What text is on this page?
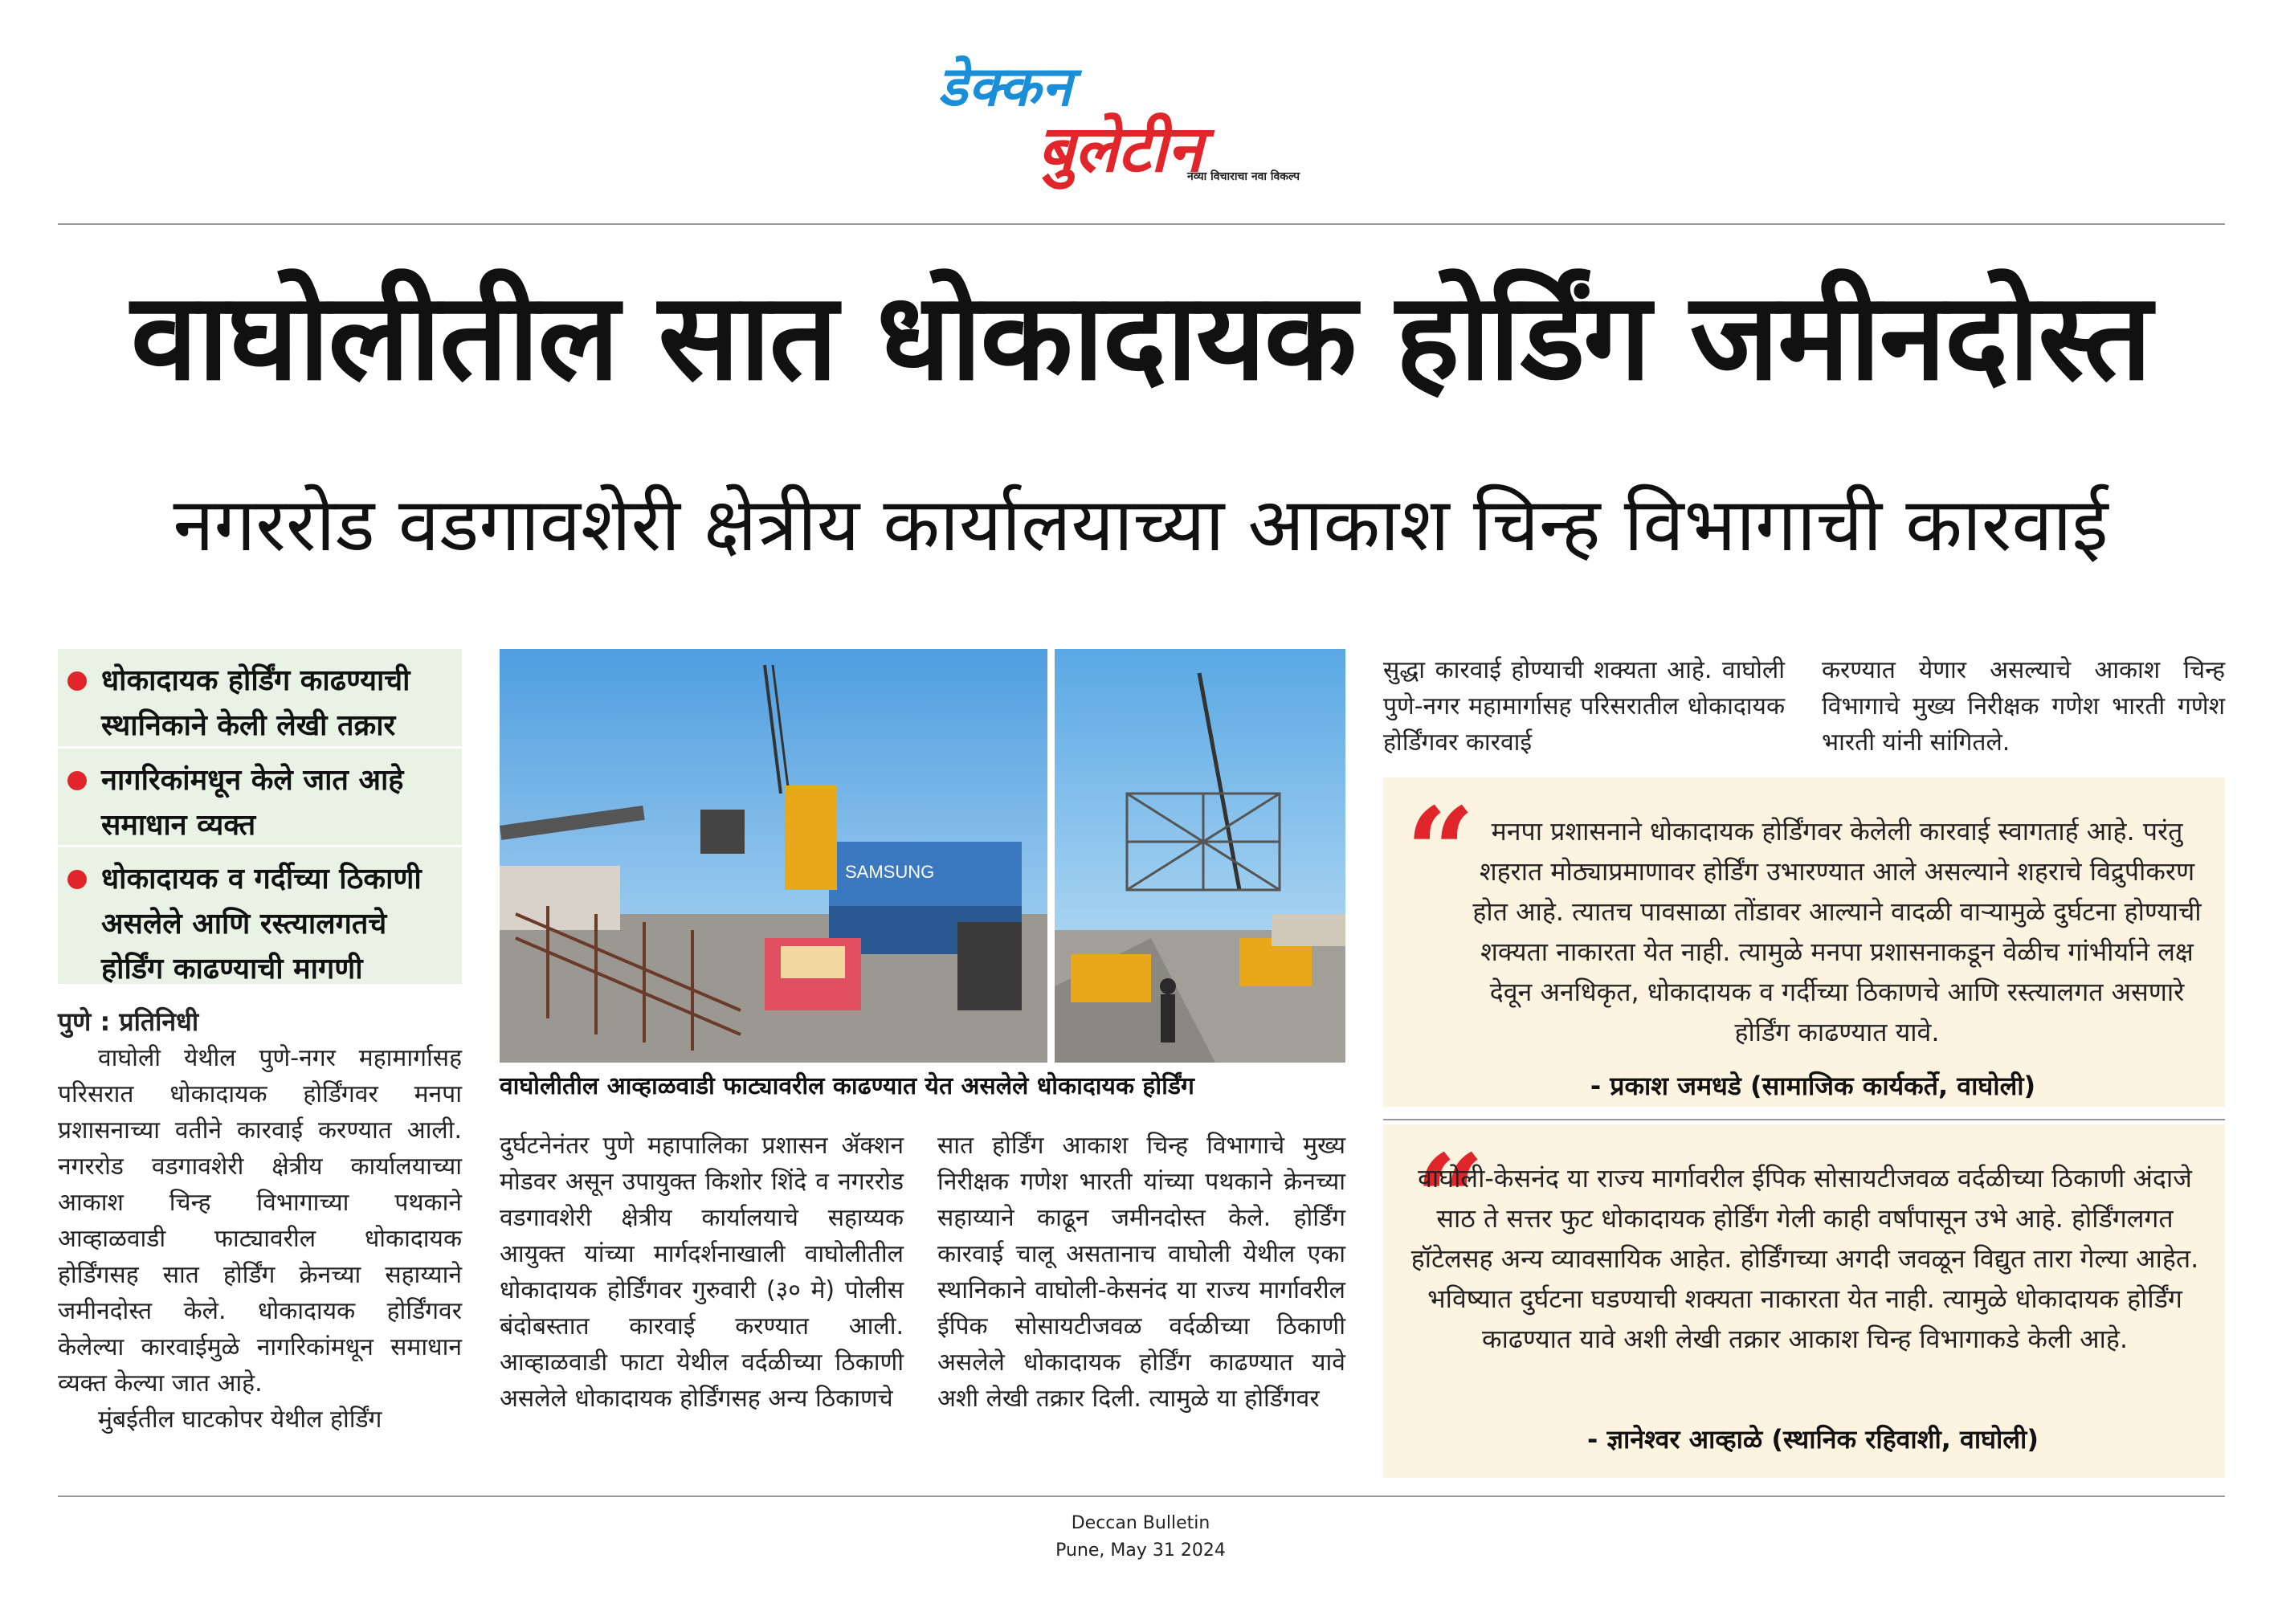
डेक्कन
बुलेटीन
नव्या विचाराचा नवा विकल्प
वाघोलीतील सात धोकादायक होर्डिंग जमीनदोस्त
नगररोड वडगावशेरी क्षेत्रीय कार्यालयाच्या आकाश चिन्ह विभागाची कारवाई
धोकादायक होर्डिंग काढण्याची स्थानिकाने केली लेखी तक्रार
नागरिकांमधून केले जात आहे समाधान व्यक्त
धोकादायक व गर्दीच्या ठिकाणी असलेले आणि रस्त्यालगतचे होर्डिंग काढण्याची मागणी
पुणे : प्रतिनिधी

वाघोली येथील पुणे-नगर महामार्गासह परिसरात धोकादायक होर्डिंगवर मनपा प्रशासनाच्या वतीने कारवाई करण्यात आली. नगररोड वडगावशेरी क्षेत्रीय कार्यालयाच्या आकाश चिन्ह विभागाच्या पथकाने आव्हाळवाडी फाट्यावरील धोकादायक होर्डिंगसह सात होर्डिंग क्रेनच्या सहाय्याने जमीनदोस्त केले. धोकादायक होर्डिंगवर केलेल्या कारवाईमुळे नागरिकांमधून समाधान व्यक्त केल्या जात आहे.

मुंबईतील घाटकोपर येथील होर्डिंग

SAMSUNG
वाघोलीतील आव्हाळवाडी फाट्यावरील काढण्यात येत असलेले धोकादायक होर्डिंग
दुर्घटनेनंतर पुणे महापालिका प्रशासन ॲक्शन मोडवर असून उपायुक्त किशोर शिंदे व नगररोड वडगावशेरी क्षेत्रीय कार्यालयाचे सहाय्यक आयुक्त यांच्या मार्गदर्शनाखाली वाघोलीतील धोकादायक होर्डिंगवर गुरुवारी (३० मे) पोलीस बंदोबस्तात कारवाई करण्यात आली. आव्हाळवाडी फाटा येथील वर्दळीच्या ठिकाणी असलेले धोकादायक होर्डिंगसह अन्य ठिकाणचे
सात होर्डिंग आकाश चिन्ह विभागाचे मुख्य निरीक्षक गणेश भारती यांच्या पथकाने क्रेनच्या सहाय्याने काढून जमीनदोस्त केले. होर्डिंग कारवाई चालू असतानाच वाघोली येथील एका स्थानिकाने वाघोली-केसनंद या राज्य मार्गावरील ईपिक सोसायटीजवळ वर्दळीच्या ठिकाणी असलेले धोकादायक होर्डिंग काढण्यात यावे अशी लेखी तक्रार दिली. त्यामुळे या होर्डिंगवर
सुद्धा कारवाई होण्याची शक्यता आहे. वाघोली पुणे-नगर महामार्गासह परिसरातील धोकादायक होर्डिंगवर कारवाई
करण्यात येणार असल्याचे आकाश चिन्ह विभागाचे मुख्य निरीक्षक गणेश भारती गणेश भारती यांनी सांगितले.
“ मनपा प्रशासनाने धोकादायक होर्डिंगवर केलेली कारवाई स्वागतार्ह आहे. परंतु शहरात मोठ्याप्रमाणावर होर्डिंग उभारण्यात आले असल्याने शहराचे विद्रुपीकरण होत आहे. त्यातच पावसाळा तोंडावर आल्याने वादळी वाऱ्यामुळे दुर्घटना होण्याची शक्यता नाकारता येत नाही. त्यामुळे मनपा प्रशासनाकडून वेळीच गांभीर्याने लक्ष देवून अनधिकृत, धोकादायक व गर्दीच्या ठिकाणचे आणि रस्त्यालगत असणारे होर्डिंग काढण्यात यावे.
- प्रकाश जमधडे (सामाजिक कार्यकर्ते, वाघोली)
“
वाघोली-केसनंद या राज्य मार्गावरील ईपिक सोसायटीजवळ वर्दळीच्या ठिकाणी अंदाजे साठ ते सत्तर फुट धोकादायक होर्डिंग गेली काही वर्षांपासून उभे आहे. होर्डिंगलगत हॉटेलसह अन्य व्यावसायिक आहेत. होर्डिंगच्या अगदी जवळून विद्युत तारा गेल्या आहेत. भविष्यात दुर्घटना घडण्याची शक्यता नाकारता येत नाही. त्यामुळे धोकादायक होर्डिंग काढण्यात यावे अशी लेखी तक्रार आकाश चिन्ह विभागाकडे केली आहे.
- ज्ञानेश्वर आव्हाळे (स्थानिक रहिवाशी, वाघोली)
Deccan Bulletin
Pune, May 31 2024
